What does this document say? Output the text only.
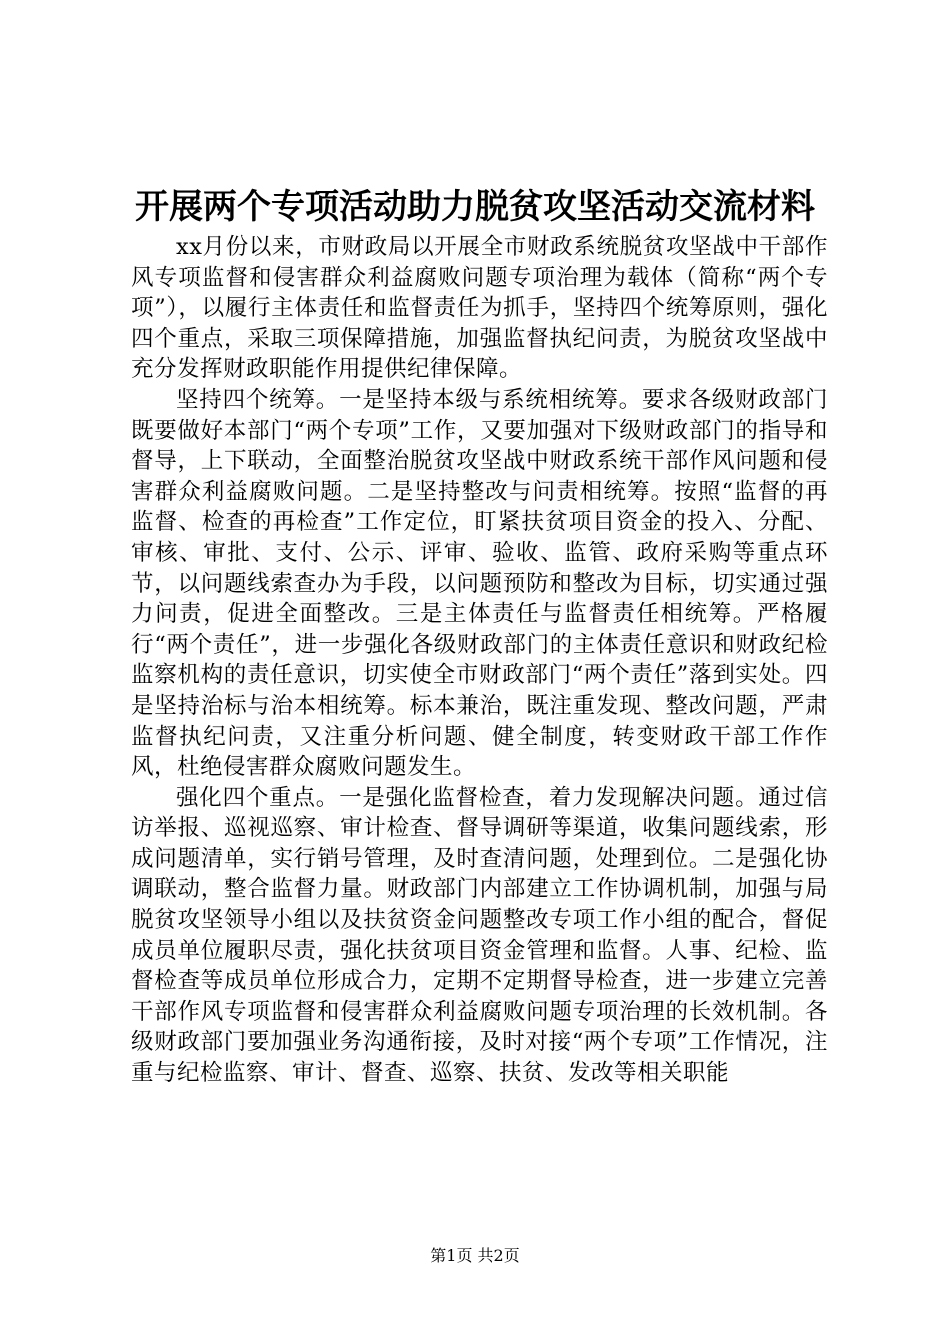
开展两个专项活动助力脱贫攻坚活动交流材料

xx月份以来，市财政局以开展全市财政系统脱贫攻坚战中干部作风专项监督和侵害群众利益腐败问题专项治理为载体（简称“两个专项”），以履行主体责任和监督责任为抓手，坚持四个统筹原则，强化四个重点，采取三项保障措施，加强监督执纪问责，为脱贫攻坚战中充分发挥财政职能作用提供纪律保障。

坚持四个统筹。一是坚持本级与系统相统筹。要求各级财政部门既要做好本部门“两个专项”工作，又要加强对下级财政部门的指导和督导，上下联动，全面整治脱贫攻坚战中财政系统干部作风问题和侵害群众利益腐败问题。二是坚持整改与问责相统筹。按照“监督的再监督、检查的再检查”工作定位，盯紧扶贫项目资金的投入、分配、审核、审批、支付、公示、评审、验收、监管、政府采购等重点环节，以问题线索查办为手段，以问题预防和整改为目标，切实通过强力问责，促进全面整改。三是主体责任与监督责任相统筹。严格履行“两个责任”，进一步强化各级财政部门的主体责任意识和财政纪检监察机构的责任意识，切实使全市财政部门“两个责任”落到实处。四是坚持治标与治本相统筹。标本兼治，既注重发现、整改问题，严肃监督执纪问责，又注重分析问题、健全制度，转变财政干部工作作风，杜绝侵害群众腐败问题发生。

强化四个重点。一是强化监督检查，着力发现解决问题。通过信访举报、巡视巡察、审计检查、督导调研等渠道，收集问题线索，形成问题清单，实行销号管理，及时查清问题，处理到位。二是强化协调联动，整合监督力量。财政部门内部建立工作协调机制，加强与局脱贫攻坚领导小组以及扶贫资金问题整改专项工作小组的配合，督促成员单位履职尽责，强化扶贫项目资金管理和监督。人事、纪检、监督检查等成员单位形成合力，定期不定期督导检查，进一步建立完善干部作风专项监督和侵害群众利益腐败问题专项治理的长效机制。各级财政部门要加强业务沟通衔接，及时对接“两个专项”工作情况，注重与纪检监察、审计、督查、巡察、扶贫、发改等相关职能

第1页 共2页
